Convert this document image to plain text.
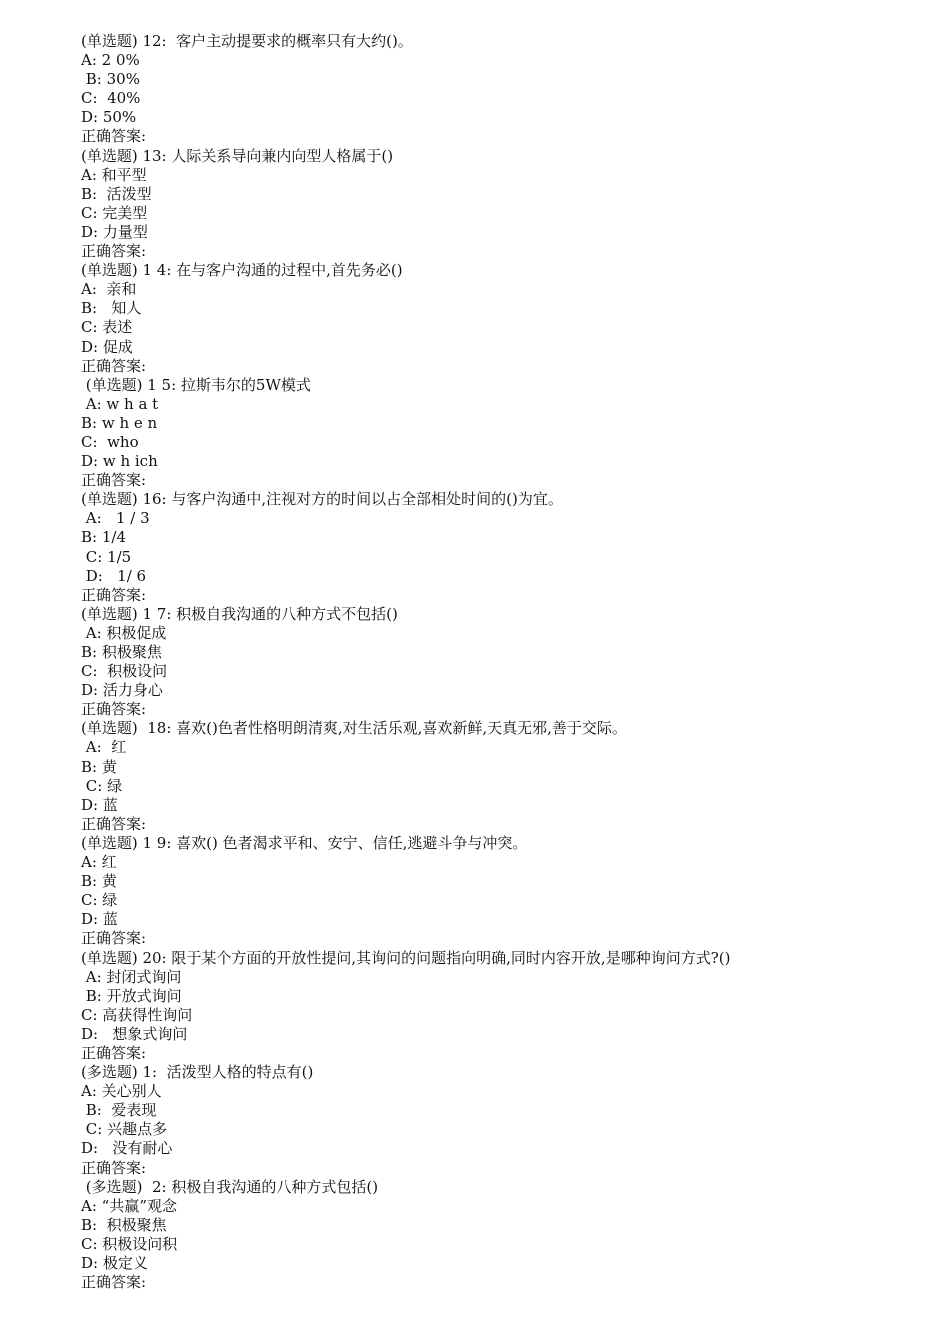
(单选题) 12:  客户主动提要求的概率只有大约()。
A: 2 0%
B: 30%
C:  40%
D: 50%
正确答案:
(单选题) 13: 人际关系导向兼内向型人格属于()
A: 和平型
B:  活泼型
C: 完美型
D: 力量型
正确答案:
(单选题) 1 4: 在与客户沟通的过程中,首先务必()
A:  亲和
B:   知人
C: 表述
D: 促成
正确答案:
(单选题) 1 5: 拉斯韦尔的5W模式
A: w h a t
B: w h e n
C:  who
D: w h ich
正确答案:
(单选题) 16: 与客户沟通中,注视对方的时间以占全部相处时间的()为宜。
A:   1 / 3
B: 1/4
C: 1/5
D:   1/ 6
正确答案:
(单选题) 1 7: 积极自我沟通的八种方式不包括()
A: 积极促成
B: 积极聚焦
C:  积极设问
D: 活力身心
正确答案:
(单选题)  18: 喜欢()色者性格明朗清爽,对生活乐观,喜欢新鲜,天真无邪,善于交际。
A:  红
B: 黄
C: 绿
D: 蓝
正确答案:
(单选题) 1 9: 喜欢() 色者渴求平和、安宁、信任,逃避斗争与冲突。
A: 红
B: 黄
C: 绿
D: 蓝
正确答案:
(单选题) 20: 限于某个方面的开放性提问,其询问的问题指向明确,同时内容开放,是哪种询问方式?()
A: 封闭式询问
B: 开放式询问
C: 高获得性询问
D:   想象式询问
正确答案:
(多选题) 1:  活泼型人格的特点有()
A: 关心别人
B:  爱表现
C: 兴趣点多
D:   没有耐心
正确答案:
(多选题)  2: 积极自我沟通的八种方式包括()
A: “共赢”观念
B:  积极聚焦
C: 积极设问积
D: 极定义
正确答案:
